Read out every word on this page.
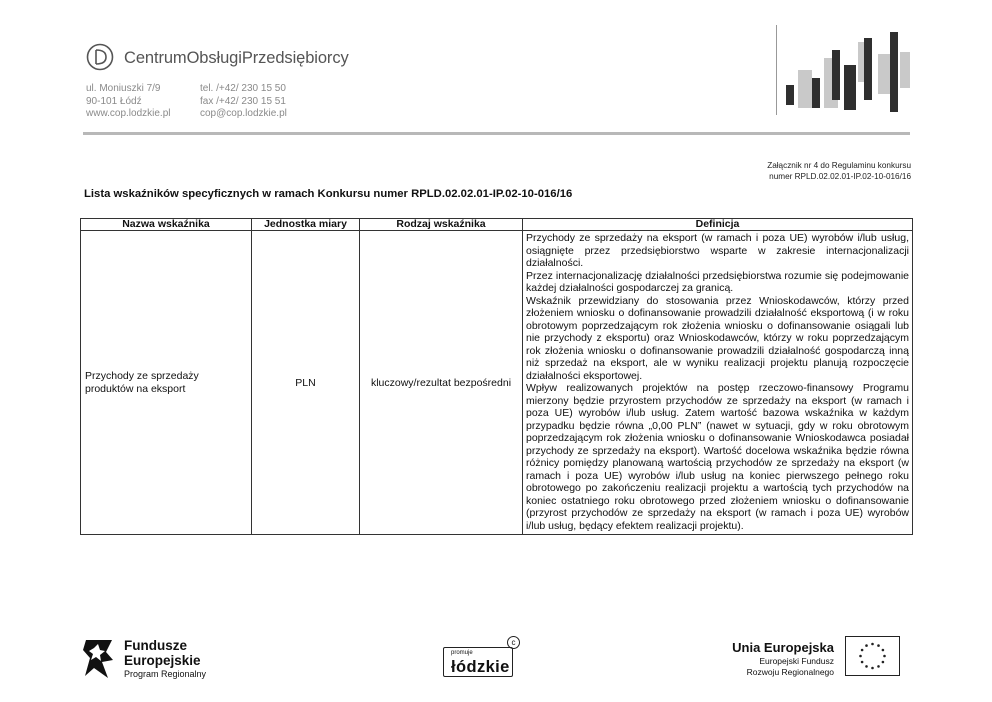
CentrumObsługiPrzedsiębiorcy
ul. Moniuszki 7/9
90-101 Łódź
www.cop.lodzkie.pl
tel. /+42/ 230 15 50
fax /+42/ 230 15 51
cop@cop.lodzkie.pl
Załącznik nr 4 do Regulaminu konkursu
numer RPLD.02.02.01-IP.02-10-016/16
Lista wskaźników specyficznych w ramach Konkursu numer RPLD.02.02.01-IP.02-10-016/16
Nazwa wskaźnika	Jednostka miary	Rodzaj wskaźnika	Definicja
Przychody ze sprzedaży produktów na eksport	PLN	kluczowy/rezultat bezpośredni	Przychody ze sprzedaży na eksport (w ramach i poza UE) wyrobów i/lub usług, osiągnięte przez przedsiębiorstwo wsparte w zakresie internacjonalizacji działalności.

Przez internacjonalizację działalności przedsiębiorstwa rozumie się podejmowanie każdej działalności gospodarczej za granicą.

Wskaźnik przewidziany do stosowania przez Wnioskodawców, którzy przed złożeniem wniosku o dofinansowanie prowadzili działalność eksportową (i w roku obrotowym poprzedzającym rok złożenia wniosku o dofinansowanie osiągali lub nie przychody z eksportu) oraz Wnioskodawców, którzy w roku poprzedzającym rok złożenia wniosku o dofinansowanie prowadzili działalność gospodarczą inną niż sprzedaż na eksport, ale w wyniku realizacji projektu planują rozpoczęcie działalności eksportowej.

Wpływ realizowanych projektów na postęp rzeczowo-finansowy Programu mierzony będzie przyrostem przychodów ze sprzedaży na eksport (w ramach i poza UE) wyrobów i/lub usług. Zatem wartość bazowa wskaźnika w każdym przypadku będzie równa „0,00 PLN” (nawet w sytuacji, gdy w roku obrotowym poprzedzającym rok złożenia wniosku o dofinansowanie Wnioskodawca posiadał przychody ze sprzedaży na eksport). Wartość docelowa wskaźnika będzie równa różnicy pomiędzy planowaną wartością przychodów ze sprzedaży na eksport (w ramach i poza UE) wyrobów i/lub usług na koniec pierwszego pełnego roku obrotowego po zakończeniu realizacji projektu a wartością tych przychodów na koniec ostatniego roku obrotowego przed złożeniem wniosku o dofinansowanie (przyrost przychodów ze sprzedaży na eksport (w ramach i poza UE) wyrobów i/lub usług, będący efektem realizacji projektu).

Fundusze
Europejskie
Program Regionalny
promuje
łódzkie
c	Unia Europejska
Europejski Fundusz
Rozwoju Regionalnego
